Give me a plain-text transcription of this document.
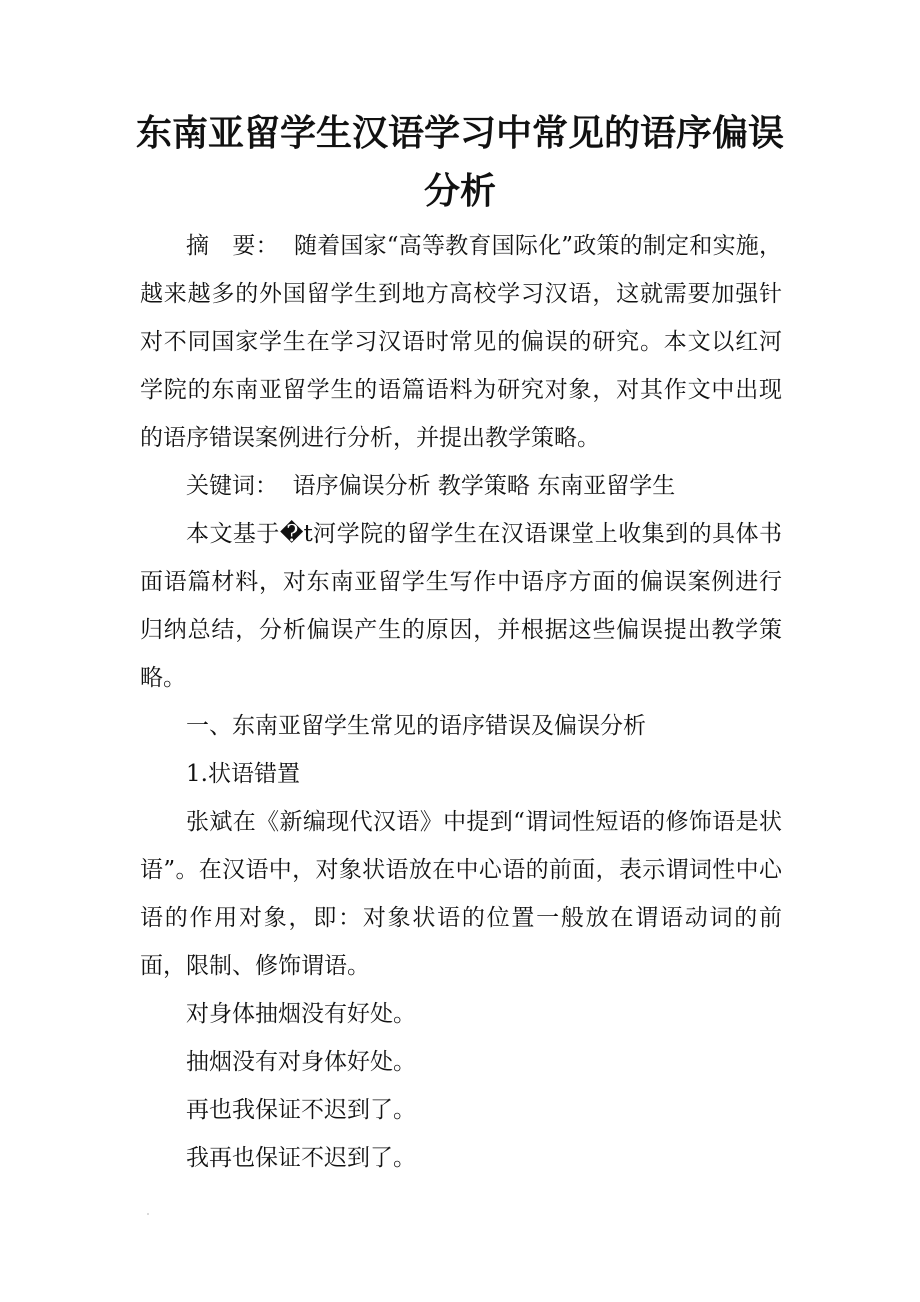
东南亚留学生汉语学习中常见的语序偏误分析

摘　要： 随着国家“高等教育国际化”政策的制定和实施，越来越多的外国留学生到地方高校学习汉语，这就需要加强针对不同国家学生在学习汉语时常见的偏误的研究。本文以红河学院的东南亚留学生的语篇语料为研究对象，对其作文中出现的语序错误案例进行分析，并提出教学策略。

关键词： 语序偏误分析 教学策略 东南亚留学生

本文基于�t河学院的留学生在汉语课堂上收集到的具体书面语篇材料，对东南亚留学生写作中语序方面的偏误案例进行归纳总结，分析偏误产生的原因，并根据这些偏误提出教学策略。

一、东南亚留学生常见的语序错误及偏误分析

1.状语错置

张斌在《新编现代汉语》中提到“谓词性短语的修饰语是状语”。在汉语中，对象状语放在中心语的前面，表示谓词性中心语的作用对象，即：对象状语的位置一般放在谓语动词的前面，限制、修饰谓语。

对身体抽烟没有好处。

抽烟没有对身体好处。

再也我保证不迟到了。

我再也保证不迟到了。
